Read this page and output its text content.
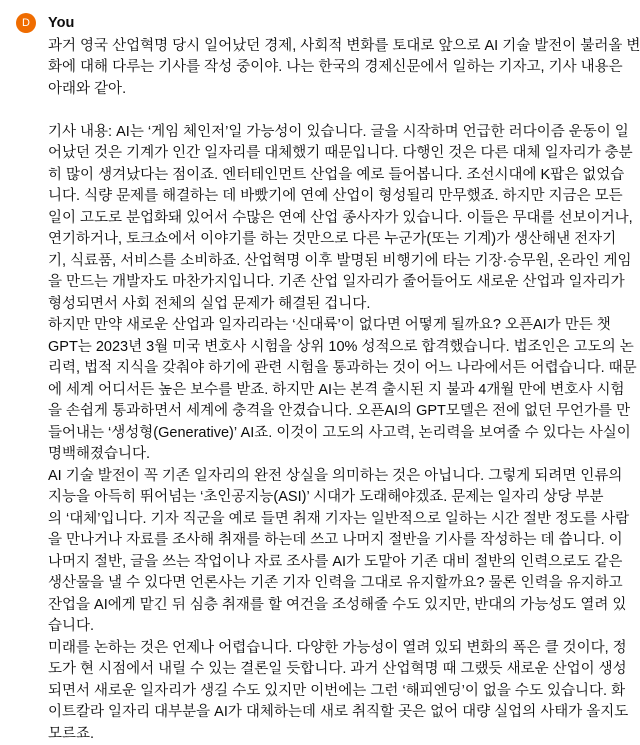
D	You
과거 영국 산업혁명 당시 일어났던 경제, 사회적 변화를 토대로 앞으로 AI 기술 발전이 불러올 변
화에 대해 다루는 기사를 작성 중이야. 나는 한국의 경제신문에서 일하는 기자고, 기사 내용은
아래와 같아.
기사 내용: AI는 ‘게임 체인저’일 가능성이 있습니다. 글을 시작하며 언급한 러다이즘 운동이 일
어났던 것은 기계가 인간 일자리를 대체했기 때문입니다. 다행인 것은 다른 대체 일자리가 충분
히 많이 생겨났다는 점이죠. 엔터테인먼트 산업을 예로 들어봅니다. 조선시대에 K팝은 없었습
니다. 식량 문제를 해결하는 데 바빴기에 연예 산업이 형성될리 만무했죠. 하지만 지금은 모든
일이 고도로 분업화돼 있어서 수많은 연예 산업 종사자가 있습니다. 이들은 무대를 선보이거나,
연기하거나, 토크쇼에서 이야기를 하는 것만으로 다른 누군가(또는 기계)가 생산해낸 전자기
기, 식료품, 서비스를 소비하죠. 산업혁명 이후 발명된 비행기에 타는 기장·승무원, 온라인 게임
을 만드는 개발자도 마찬가지입니다. 기존 산업 일자리가 줄어들어도 새로운 산업과 일자리가
형성되면서 사회 전체의 실업 문제가 해결된 겁니다.
하지만 만약 새로운 산업과 일자리라는 ‘신대륙’이 없다면 어떻게 될까요? 오픈AI가 만든 챗
GPT는 2023년 3월 미국 변호사 시험을 상위 10% 성적으로 합격했습니다. 법조인은 고도의 논
리력, 법적 지식을 갖춰야 하기에 관련 시험을 통과하는 것이 어느 나라에서든 어렵습니다. 때문
에 세계 어디서든 높은 보수를 받죠. 하지만 AI는 본격 출시된 지 불과 4개월 만에 변호사 시험
을 손쉽게 통과하면서 세계에 충격을 안겼습니다. 오픈AI의 GPT모델은 전에 없던 무언가를 만
들어내는 ‘생성형(Generative)’ AI죠. 이것이 고도의 사고력, 논리력을 보여줄 수 있다는 사실이
명백해졌습니다.
AI 기술 발전이 꼭 기존 일자리의 완전 상실을 의미하는 것은 아닙니다. 그렇게 되려면 인류의
지능을 아득히 뛰어넘는 ‘초인공지능(ASI)’ 시대가 도래해야겠죠. 문제는 일자리 상당 부분
의 ‘대체’입니다. 기자 직군을 예로 들면 취재 기자는 일반적으로 일하는 시간 절반 정도를 사람
을 만나거나 자료를 조사해 취재를 하는데 쓰고 나머지 절반을 기사를 작성하는 데 씁니다. 이
나머지 절반, 글을 쓰는 작업이나 자료 조사를 AI가 도맡아 기존 대비 절반의 인력으로도 같은
생산물을 낼 수 있다면 언론사는 기존 기자 인력을 그대로 유지할까요? 물론 인력을 유지하고
잔업을 AI에게 맡긴 뒤 심층 취재를 할 여건을 조성해줄 수도 있지만, 반대의 가능성도 열려 있
습니다.
미래를 논하는 것은 언제나 어렵습니다. 다양한 가능성이 열려 있되 변화의 폭은 클 것이다, 정
도가 현 시점에서 내릴 수 있는 결론일 듯합니다. 과거 산업혁명 때 그랬듯 새로운 산업이 생성
되면서 새로운 일자리가 생길 수도 있지만 이번에는 그런 ‘해피엔딩’이 없을 수도 있습니다. 화
이트칼라 일자리 대부분을 AI가 대체하는데 새로 취직할 곳은 없어 대량 실업의 사태가 올지도
모르죠.
